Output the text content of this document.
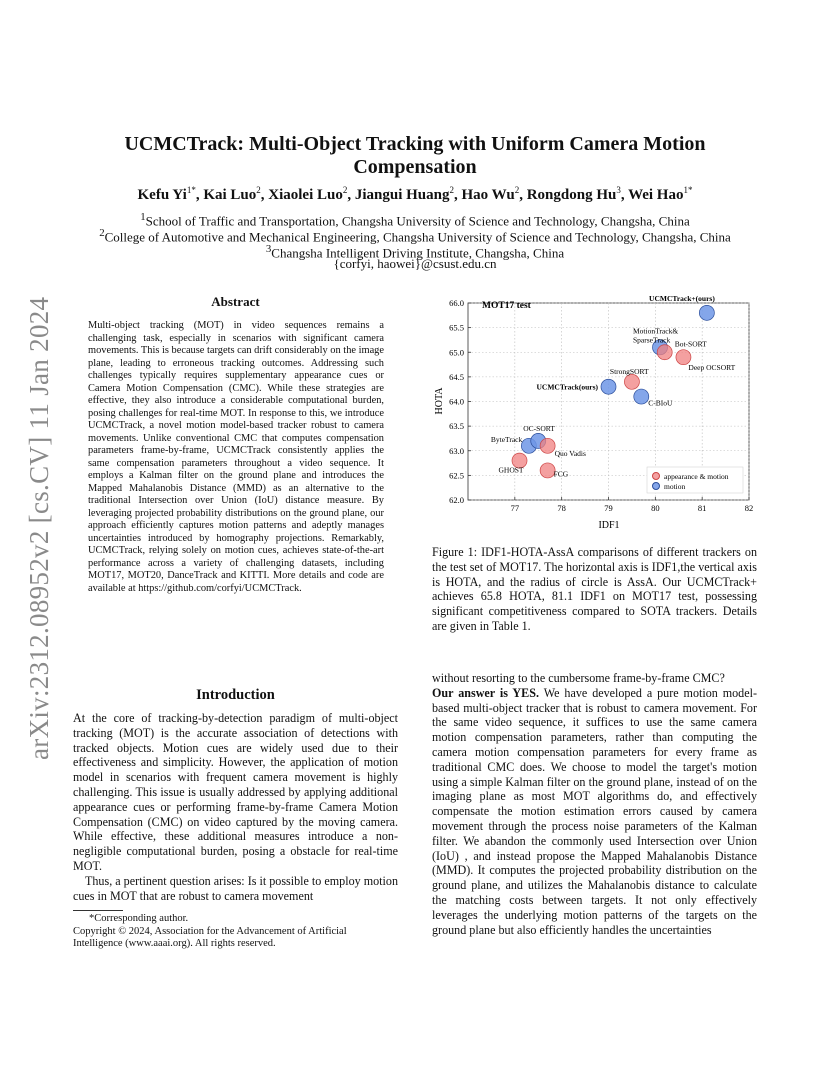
arXiv:2312.08952v2 [cs.CV] 11 Jan 2024
UCMCTrack: Multi-Object Tracking with Uniform Camera Motion Compensation
Kefu $Yi^{1*}$, Kai Luo$^2$, Xiaolei Luo$^2$, Jiangui Huang$^2$, Hao Wu$^2$, Rongdong Hu$^3$, Wei Hao$^{1*}$
$^1$School of Traffic and Transportation, Changsha University of Science and Technology, Changsha, China
$^2$College of Automotive and Mechanical Engineering, Changsha University of Science and Technology, Changsha, China
$^3$Changsha Intelligent Driving Institute, Changsha, China
{corfyi, haowei}@csust.edu.cn
Abstract
Multi-object tracking (MOT) in video sequences remains a challenging task, especially in scenarios with significant camera movements. This is because targets can drift considerably on the image plane, leading to erroneous tracking outcomes. Addressing such challenges typically requires supplementary appearance cues or Camera Motion Compensation (CMC). While these strategies are effective, they also introduce a considerable computational burden, posing challenges for real-time MOT. In response to this, we introduce UCMCTrack, a novel motion model-based tracker robust to camera movements. Unlike conventional CMC that computes compensation parameters frame-by-frame, UCMCTrack consistently applies the same compensation parameters throughout a video sequence. It employs a Kalman filter on the ground plane and introduces the Mapped Mahalanobis Distance (MMD) as an alternative to the traditional Intersection over Union (IoU) distance measure. By leveraging projected probability distributions on the ground plane, our approach efficiently captures motion patterns and adeptly manages uncertainties introduced by homography projections. Remarkably, UCMCTrack, relying solely on motion cues, achieves state-of-the-art performance across a variety of challenging datasets, including MOT17, MOT20, DanceTrack and KITTI. More details and code are available at https://github.com/corfyi/UCMCTrack.
Introduction

At the core of tracking-by-detection paradigm of multi-object tracking (MOT) is the accurate association of detections with tracked objects. Motion cues are widely used due to their effectiveness and simplicity. However, the application of motion model in scenarios with frequent camera movement is highly challenging. This issue is usually addressed by applying additional appearance cues or performing frame-by-frame Camera Motion Compensation (CMC) on video captured by the moving camera. While effective, these additional measures introduce a non-negligible computational burden, posing a obstacle for real-time MOT.

Thus, a pertinent question arises: Is it possible to employ motion cues in MOT that are robust to camera movement

*Corresponding author.
Copyright © 2024, Association for the Advancement of Artificial Intelligence (www.aaai.org). All rights reserved.
77	78	79	80	81	82
62.0
62.5
63.0
63.5
64.0
64.5
65.0
65.5
66.0	UCMCTrack+(ours)
MotionTrack&
SparseTrack Bot-SORT
Deep OCSORT
StrongSORT
UCMCTrack(ours)
C-BIoU
ByteTrack
OC-SORT
Quo Vadis
GHOST	FCG
MOT17 test
IDF1
HOTA
appearance & motion
motion
Figure 1: IDF1-HOTA-AssA comparisons of different trackers on the test set of MOT17. The horizontal axis is IDF1,the vertical axis is HOTA, and the radius of circle is AssA. Our UCMCTrack+ achieves 65.8 HOTA, 81.1 IDF1 on MOT17 test, possessing significant competitiveness compared to SOTA trackers. Details are given in Table 1.
without resorting to the cumbersome frame-by-frame CMC?
Our answer is YES. We have developed a pure motion model-based multi-object tracker that is robust to camera movement. For the same video sequence, it suffices to use the same camera motion compensation parameters, rather than computing the camera motion compensation parameters for every frame as traditional CMC does. We choose to model the target's motion using a simple Kalman filter on the ground plane, instead of on the imaging plane as most MOT algorithms do, and effectively compensate the motion estimation errors caused by camera movement through the process noise parameters of the Kalman filter. We abandon the commonly used Intersection over Union (IoU) , and instead propose the Mapped Mahalanobis Distance (MMD). It computes the projected probability distribution on the ground plane, and utilizes the Mahalanobis distance to calculate the matching costs between targets. It not only effectively leverages the underlying motion patterns of the targets on the ground plane but also efficiently handles the uncertainties
